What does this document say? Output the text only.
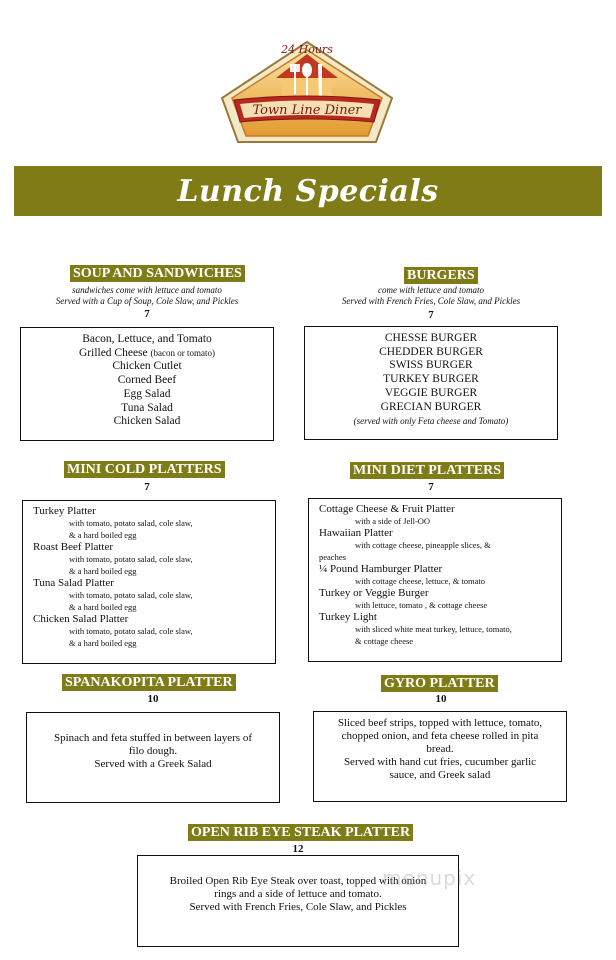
24 Hours
Town Line Diner
Lunch Specials
SOUP AND SANDWICHES
sandwiches come with lettuce and tomato
Served with a Cup of Soup, Cole Slaw, and Pickles
7
Bacon, Lettuce, and Tomato
Grilled Cheese (bacon or tomato)
Chicken Cutlet
Corned Beef
Egg Salad
Tuna Salad
Chicken Salad
BURGERS
come with lettuce and tomato
Served with French Fries, Cole Slaw, and Pickles
7
CHESSE BURGER
CHEDDER BURGER
SWISS BURGER
TURKEY BURGER
VEGGIE BURGER
GRECIAN BURGER
(served with only Feta cheese and Tomato)
MINI COLD PLATTERS
7
Turkey Platter
with tomato, potato salad, cole slaw,
& a hard boiled egg
Roast Beef Platter
with tomato, potato salad, cole slaw,
& a hard boiled egg
Tuna Salad Platter
with tomato, potato salad, cole slaw,
& a hard boiled egg
Chicken Salad Platter
with tomato, potato salad, cole slaw,
& a hard boiled egg
MINI DIET PLATTERS
7
Cottage Cheese & Fruit Platter
with a side of Jell-OO
Hawaiian Platter
with cottage cheese, pineapple slices, &
peaches
¼ Pound Hamburger Platter
with cottage cheese, lettuce, & tomato
Turkey or Veggie Burger
with lettuce, tomato , & cottage cheese
Turkey Light
with sliced white meat turkey, lettuce, tomato,
& cottage cheese
SPANAKOPITA PLATTER
10
Spinach and feta stuffed in between layers of
filo dough.
Served with a Greek Salad
GYRO PLATTER
10
Sliced beef strips, topped with lettuce, tomato,
chopped onion, and feta cheese rolled in pita
bread.
Served with hand cut fries, cucumber garlic
sauce, and Greek salad
OPEN RIB EYE STEAK PLATTER
12
Broiled Open Rib Eye Steak over toast, topped with onion
rings and a side of lettuce and tomato.
Served with French Fries, Cole Slaw, and Pickles
menupix
